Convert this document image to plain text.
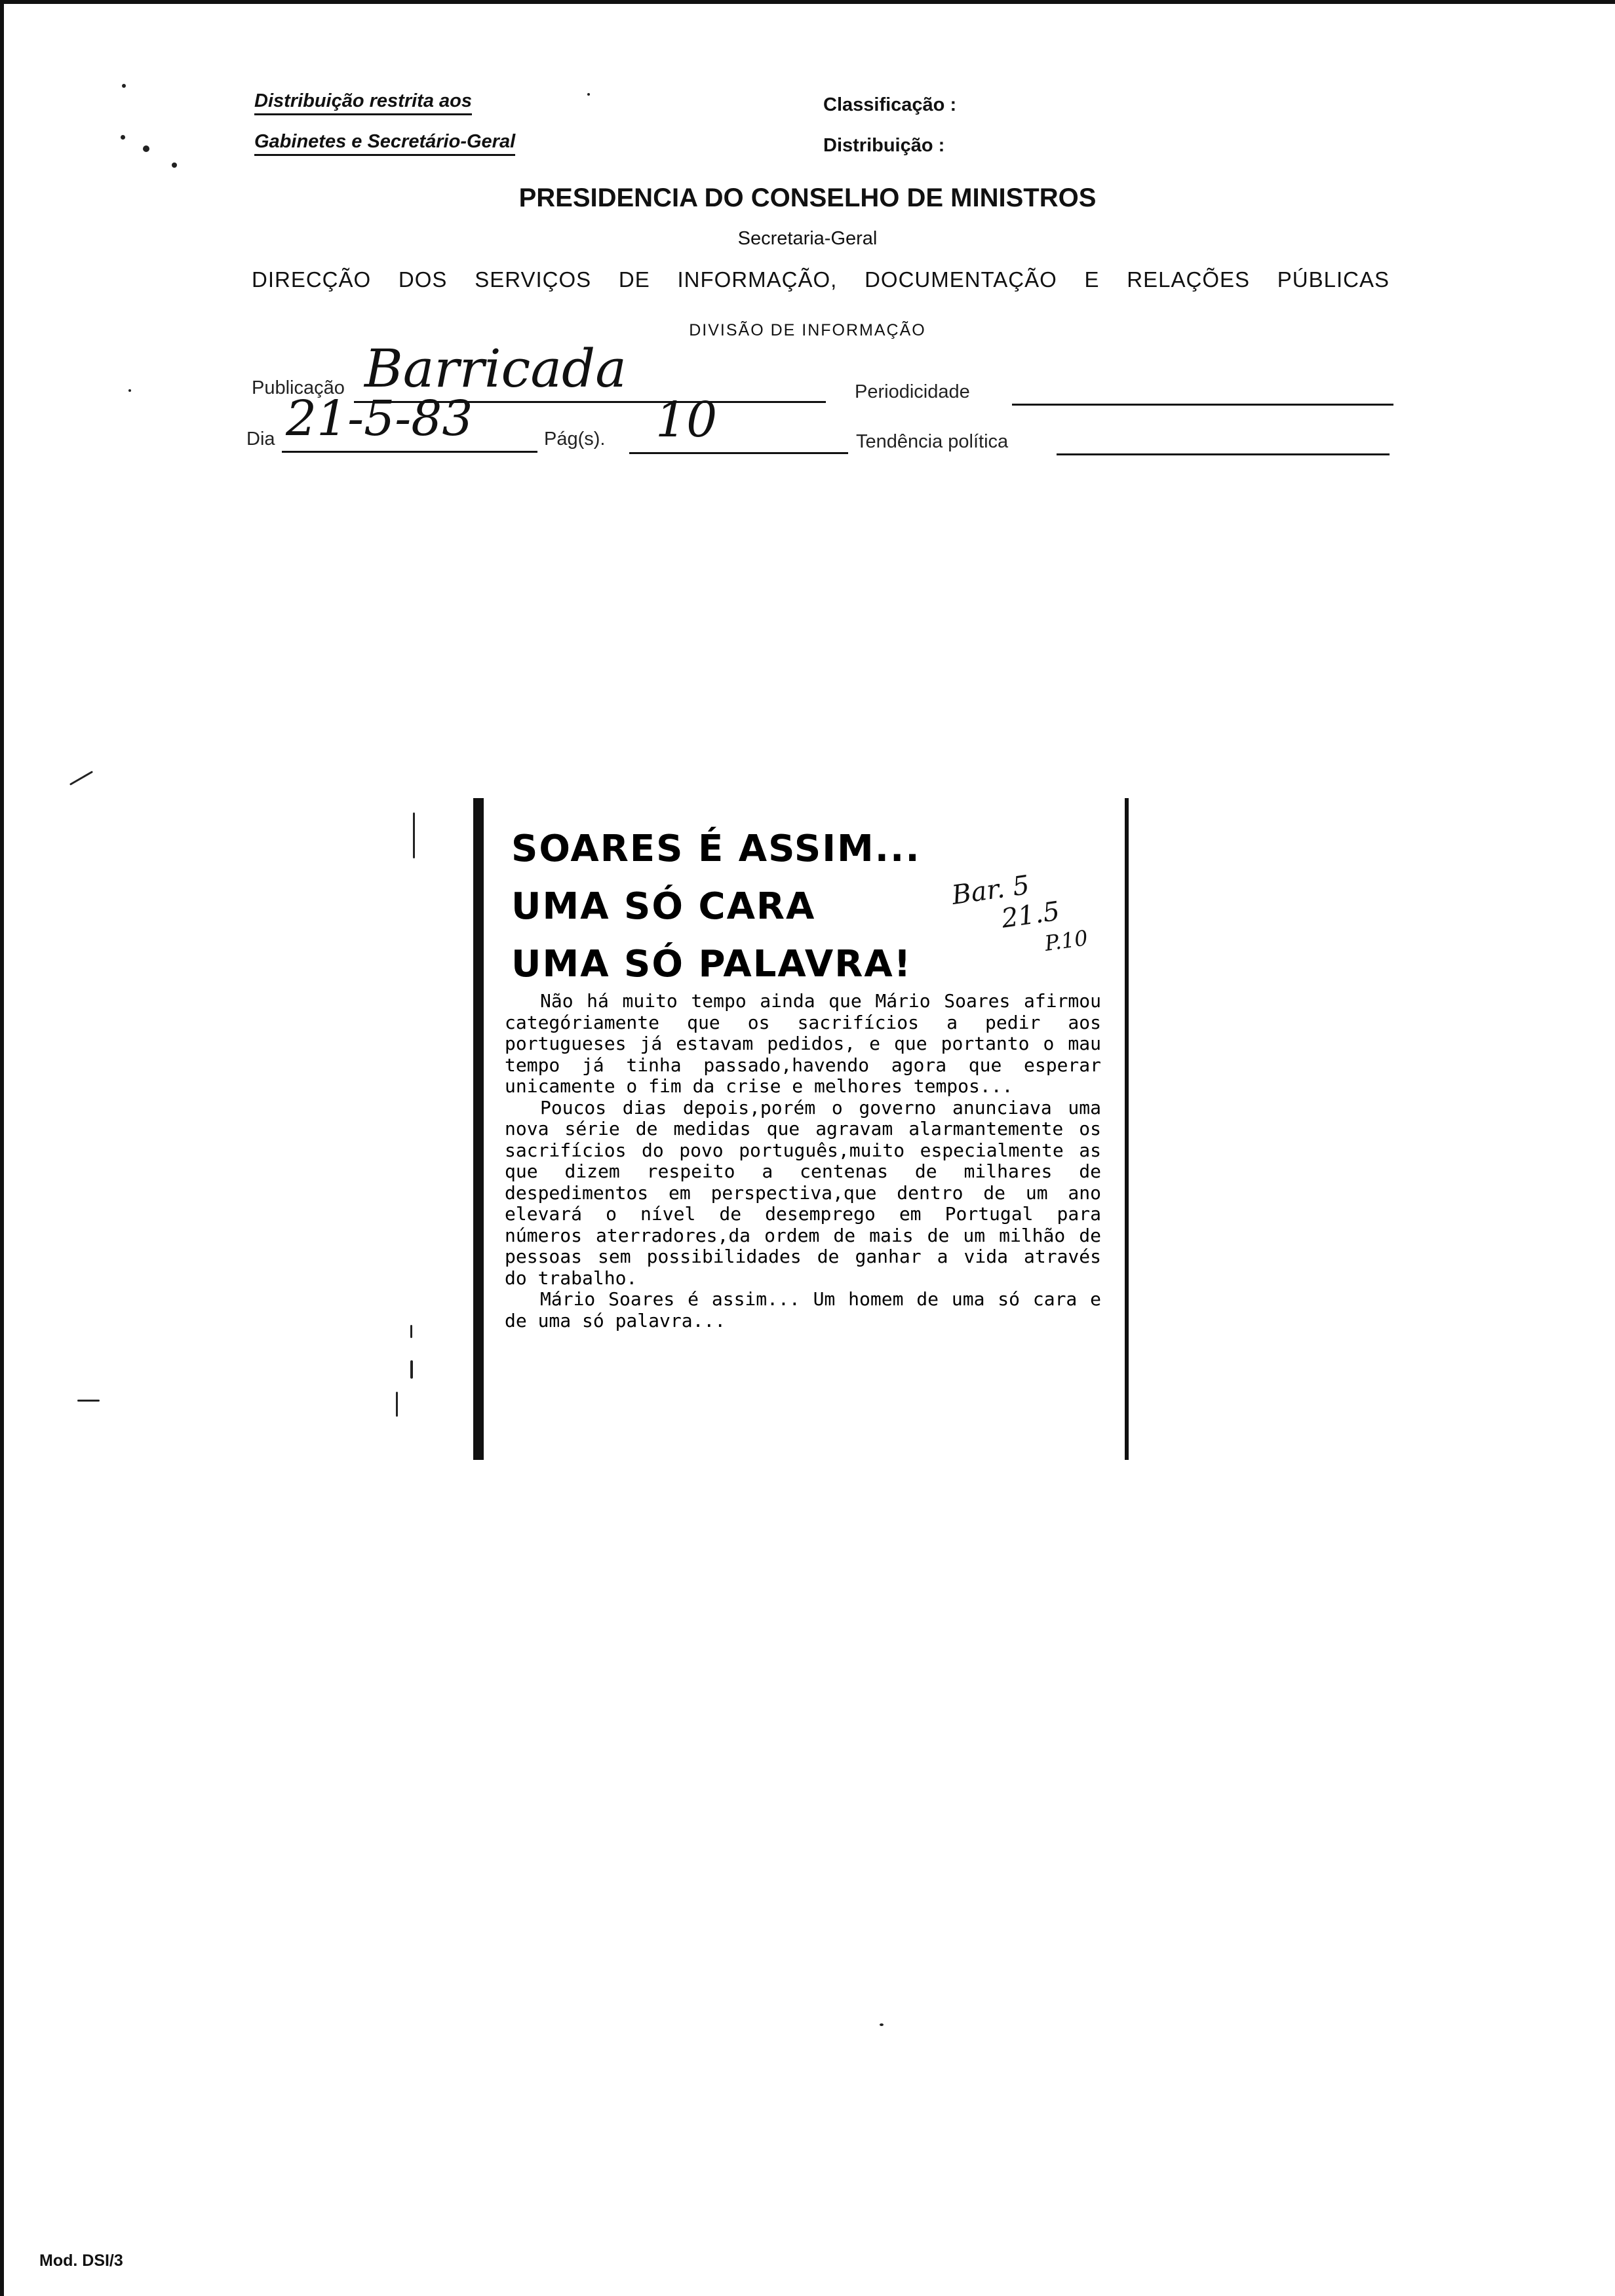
Distribuição restrita aos
Gabinetes e Secretário-Geral
Classificação :
Distribuição :
PRESIDENCIA DO CONSELHO DE MINISTROS
Secretaria-Geral
DIRECÇÃO DOS SERVIÇOS DE INFORMAÇÃO, DOCUMENTAÇÃO E RELAÇÕES PÚBLICAS
DIVISÃO DE INFORMAÇÃO
Publicação Barricada	Periodicidade
Dia 21-5-83	Pág(s). 10	Tendência política
SOARES É ASSIM...
UMA SÓ CARA
UMA SÓ PALAVRA!
Bar. 5
21.5
P.10

Não há muito tempo ainda que Mário Soares afirmou categóriamente que os sacrifícios a pedir aos portugueses já estavam pedidos, e que portanto o mau tempo já tinha passado,havendo agora que esperar unicamente o fim da crise e melhores tempos...

Poucos dias depois,porém o governo anunciava uma nova série de medidas que agravam alarmantemente os sacrifícios do povo português,muito especialmente as que dizem respeito a centenas de milhares de despedimentos em perspectiva,que dentro de um ano elevará o nível de desemprego em Portugal para números aterradores,da ordem de mais de um milhão de pessoas sem possibilidades de ganhar a vida através do trabalho.

Mário Soares é assim... Um homem de uma só cara e de uma só palavra...

Mod. DSI/3
